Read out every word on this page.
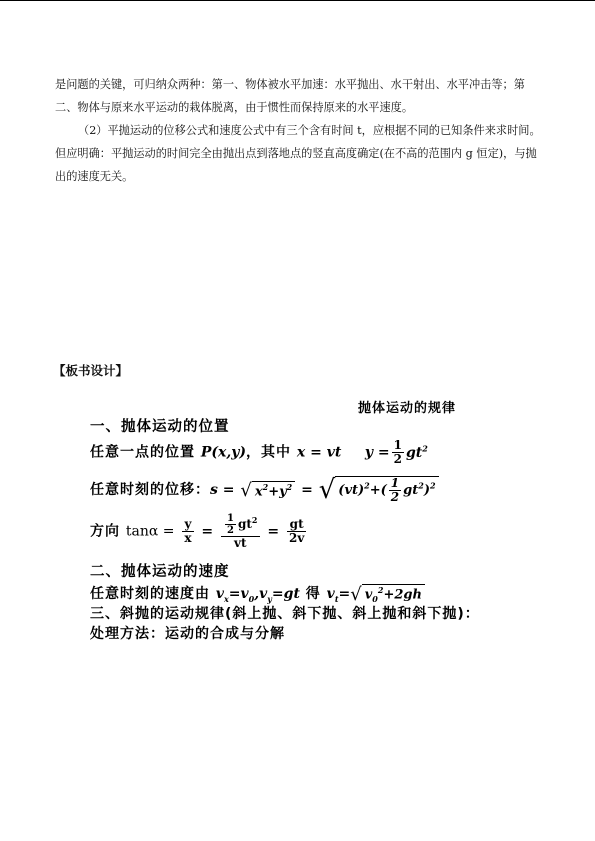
是问题的关键，可归纳众两种：第一、物体被水平加速：水平抛出、水干射出、水平冲击等；第二、物体与原来水平运动的栽体脱离，由于惯性而保持原来的水平速度。

（2）平抛运动的位移公式和速度公式中有三个含有时间 t，应根据不同的已知条件来求时间。但应明确：平抛运动的时间完全由抛出点到落地点的竖直高度确定(在不高的范围内 g 恒定)，与抛出的速度无关。

【板书设计】
抛体运动的规律
一、抛体运动的位置
任意一点的位置 P(x,y)，其中 x = vt $y = \frac{1}{2} gt^2$
任意时刻的位移：s = √ $x^2+y^2$ = √ $(vt)^2+( \frac{1}{2} gt^2)^2$
方向 $\tan\alpha = \frac{y}{x} = \frac{\frac{1}{2} gt^2}{vt} = \frac{gt}{2v}$
二、抛体运动的速度
任意时刻的速度由 $v_x=v_0,v_y=gt$ 得 $v_t=√$ $v_0^2+2gh$
三、斜抛的运动规律(斜上抛、斜下抛、斜上抛和斜下抛)：
处理方法：运动的合成与分解
